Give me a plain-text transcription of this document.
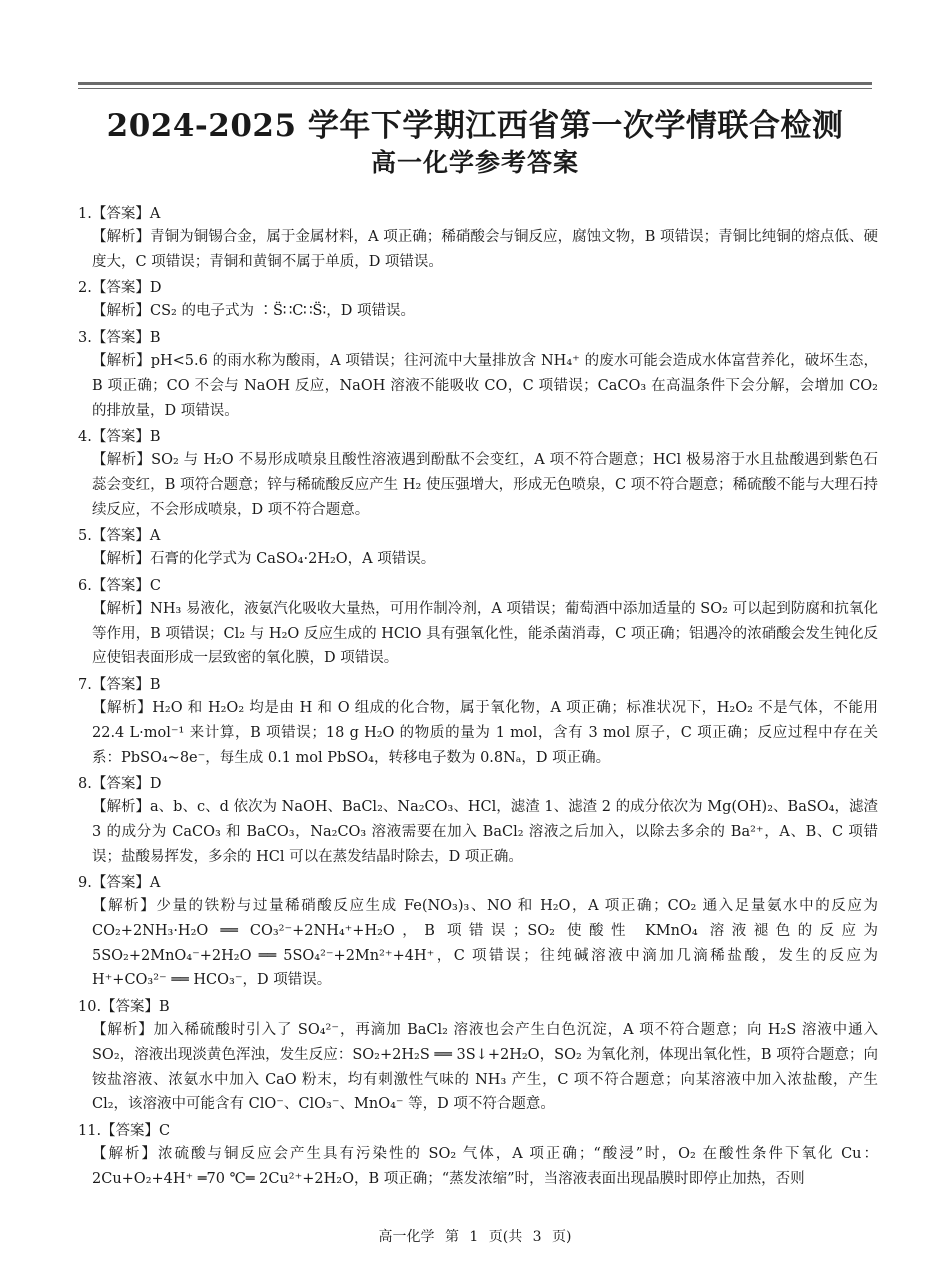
2024-2025 学年下学期江西省第一次学情联合检测
高一化学参考答案
1.【答案】A
【解析】青铜为铜锡合金，属于金属材料，A 项正确；稀硝酸会与铜反应，腐蚀文物，B 项错误；青铜比纯铜的熔点低、硬度大，C 项错误；青铜和黄铜不属于单质，D 项错误。
2.【答案】D
【解析】CS₂ 的电子式为 ∶S̈∷C∷S̈∶，D 项错误。
3.【答案】B
【解析】pH<5.6 的雨水称为酸雨，A 项错误；往河流中大量排放含 NH₄⁺ 的废水可能会造成水体富营养化，破坏生态，B 项正确；CO 不会与 NaOH 反应，NaOH 溶液不能吸收 CO，C 项错误；CaCO₃ 在高温条件下会分解，会增加 CO₂ 的排放量，D 项错误。
4.【答案】B
【解析】SO₂ 与 H₂O 不易形成喷泉且酸性溶液遇到酚酞不会变红，A 项不符合题意；HCl 极易溶于水且盐酸遇到紫色石蕊会变红，B 项符合题意；锌与稀硫酸反应产生 H₂ 使压强增大，形成无色喷泉，C 项不符合题意；稀硫酸不能与大理石持续反应，不会形成喷泉，D 项不符合题意。
5.【答案】A
【解析】石膏的化学式为 CaSO₄·2H₂O，A 项错误。
6.【答案】C
【解析】NH₃ 易液化，液氨汽化吸收大量热，可用作制冷剂，A 项错误；葡萄酒中添加适量的 SO₂ 可以起到防腐和抗氧化等作用，B 项错误；Cl₂ 与 H₂O 反应生成的 HClO 具有强氧化性，能杀菌消毒，C 项正确；铝遇冷的浓硝酸会发生钝化反应使铝表面形成一层致密的氧化膜，D 项错误。
7.【答案】B
【解析】H₂O 和 H₂O₂ 均是由 H 和 O 组成的化合物，属于氧化物，A 项正确；标准状况下，H₂O₂ 不是气体，不能用 22.4 L·mol⁻¹ 来计算，B 项错误；18 g H₂O 的物质的量为 1 mol，含有 3 mol 原子，C 项正确；反应过程中存在关系：PbSO₄~8e⁻，每生成 0.1 mol PbSO₄，转移电子数为 0.8Nₐ，D 项正确。
8.【答案】D
【解析】a、b、c、d 依次为 NaOH、BaCl₂、Na₂CO₃、HCl，滤渣 1、滤渣 2 的成分依次为 Mg(OH)₂、BaSO₄，滤渣 3 的成分为 CaCO₃ 和 BaCO₃，Na₂CO₃ 溶液需要在加入 BaCl₂ 溶液之后加入，以除去多余的 Ba²⁺，A、B、C 项错误；盐酸易挥发，多余的 HCl 可以在蒸发结晶时除去，D 项正确。
9.【答案】A
【解析】少量的铁粉与过量稀硝酸反应生成 Fe(NO₃)₃、NO 和 H₂O，A 项正确；CO₂ 通入足量氨水中的反应为 CO₂+2NH₃·H₂O ══ CO₃²⁻+2NH₄⁺+H₂O，B 项错误；SO₂ 使酸性 KMnO₄ 溶液褪色的反应为 5SO₂+2MnO₄⁻+2H₂O ══ 5SO₄²⁻+2Mn²⁺+4H⁺，C 项错误；往纯碱溶液中滴加几滴稀盐酸，发生的反应为 H⁺+CO₃²⁻ ══ HCO₃⁻，D 项错误。
10.【答案】B
【解析】加入稀硫酸时引入了 SO₄²⁻，再滴加 BaCl₂ 溶液也会产生白色沉淀，A 项不符合题意；向 H₂S 溶液中通入 SO₂，溶液出现淡黄色浑浊，发生反应：SO₂+2H₂S ══ 3S↓+2H₂O，SO₂ 为氧化剂，体现出氧化性，B 项符合题意；向铵盐溶液、浓氨水中加入 CaO 粉末，均有刺激性气味的 NH₃ 产生，C 项不符合题意；向某溶液中加入浓盐酸，产生 Cl₂，该溶液中可能含有 ClO⁻、ClO₃⁻、MnO₄⁻ 等，D 项不符合题意。
11.【答案】C
【解析】浓硫酸与铜反应会产生具有污染性的 SO₂ 气体，A 项正确；“酸浸”时，O₂ 在酸性条件下氧化 Cu：2Cu+O₂+4H⁺ ═70 ℃═ 2Cu²⁺+2H₂O，B 项正确；“蒸发浓缩”时，当溶液表面出现晶膜时即停止加热，否则
高一化学 第 1 页(共 3 页)
